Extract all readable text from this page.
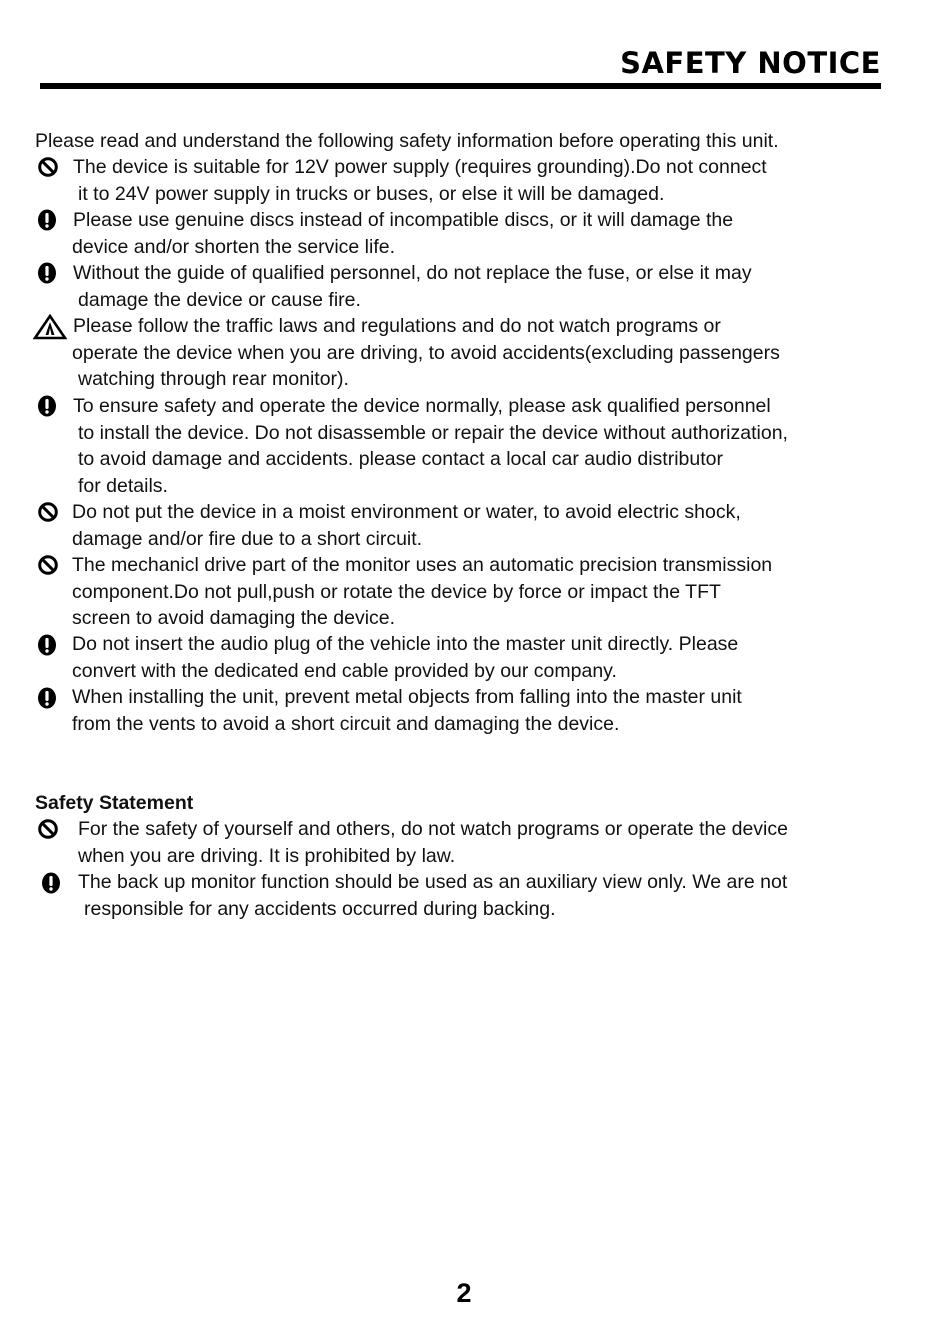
SAFETY NOTICE
Please read and understand the following safety information before operating this unit.
The device is suitable for 12V power supply (requires grounding).Do not connect
it to 24V power supply in trucks or buses, or else it will be damaged.
Please use genuine discs instead of incompatible discs, or it will damage the
device and/or shorten the service life.
Without the guide of qualified personnel, do not replace the fuse, or else it may
damage the device or cause fire.
Please follow the traffic laws and regulations and do not watch programs or
operate the device when you are driving, to avoid accidents(excluding passengers
watching through rear monitor).
To ensure safety and operate the device normally, please ask qualified personnel
to install the device. Do not disassemble or repair the device without authorization,
to avoid damage and accidents. please contact a local car audio distributor
for details.
Do not put the device in a moist environment or water, to avoid electric shock,
damage and/or fire due to a short circuit.
The mechanicl drive part of the monitor uses an automatic precision transmission
component.Do not pull,push or rotate the device by force or impact the TFT
screen to avoid damaging the device.
Do not insert the audio plug of the vehicle into the master unit directly. Please
convert with the dedicated end cable provided by our company.
When installing the unit, prevent metal objects from falling into the master unit
from the vents to avoid a short circuit and damaging the device.
Safety Statement
For the safety of yourself and others, do not watch programs or operate the device
when you are driving. It is prohibited by law.
The back up monitor function should be used as an auxiliary view only. We are not
responsible for any accidents occurred during backing.
2
